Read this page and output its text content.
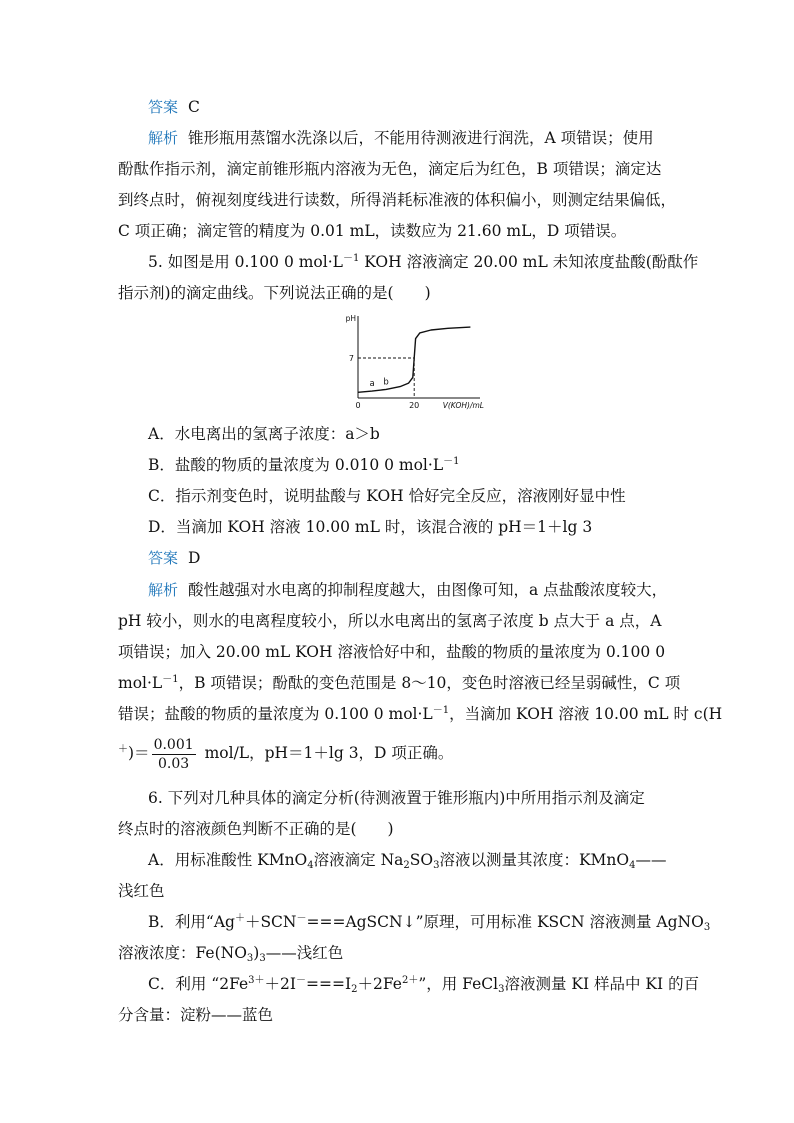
答案 C
解析 锥形瓶用蒸馏水洗涤以后，不能用待测液进行润洗，A 项错误；使用
酚酞作指示剂，滴定前锥形瓶内溶液为无色，滴定后为红色，B 项错误；滴定达
到终点时，俯视刻度线进行读数，所得消耗标准液的体积偏小，则测定结果偏低，
C 项正确；滴定管的精度为 0.01 mL，读数应为 21.60 mL，D 项错误。
5. 如图是用 0.100 0 $mol\cdot L^{-1}$ KOH 溶液滴定 20.00 mL 未知浓度盐酸(酚酞作
指示剂)的滴定曲线。下列说法正确的是(　　)
pH
0	20
7
V(KOH)/mL
a b
A．水电离出的氢离子浓度：a＞b
B．盐酸的物质的量浓度为 0.010 0 $mol\cdot L^{-1}$
C．指示剂变色时，说明盐酸与 KOH 恰好完全反应，溶液刚好显中性
D．当滴加 KOH 溶液 10.00 mL 时，该混合液的 pH＝1＋lg 3
答案 D
解析 酸性越强对水电离的抑制程度越大，由图像可知，a 点盐酸浓度较大，
pH 较小，则水的电离程度较小，所以水电离出的氢离子浓度 b 点大于 a 点，A
项错误；加入 20.00 mL KOH 溶液恰好中和，盐酸的物质的量浓度为 0.100 0
$mol\cdot L^{-1}$，B 项错误；酚酞的变色范围是 8～10，变色时溶液已经呈弱碱性，C 项
错误；盐酸的物质的量浓度为 0.100 0 $mol\cdot L^{-1}$，当滴加 KOH 溶液 10.00 mL 时 c(H
$^+)= \frac{0.001}{0.03} mol/L$，pH＝1＋lg 3，D 项正确。
6. 下列对几种具体的滴定分析(待测液置于锥形瓶内)中所用指示剂及滴定
终点时的溶液颜色判断不正确的是(　　)
A．用标准酸性 KMnO$_4$溶液滴定 $Na_2SO_3$溶液以测量其浓度：KMnO$_4$——
浅红色
B．利用“Ag＋＋SCN－===AgSCN↓”原理，可用标准 KSCN 溶液测量 AgNO$_3$
溶液浓度：$Fe(NO_3)_3——$浅红色
C．利用 “$2Fe^{3+}+2I^-===I_2+2Fe^{2+}$”，用 FeCl$_3$溶液测量 KI 样品中 KI 的百
分含量：淀粉——蓝色
